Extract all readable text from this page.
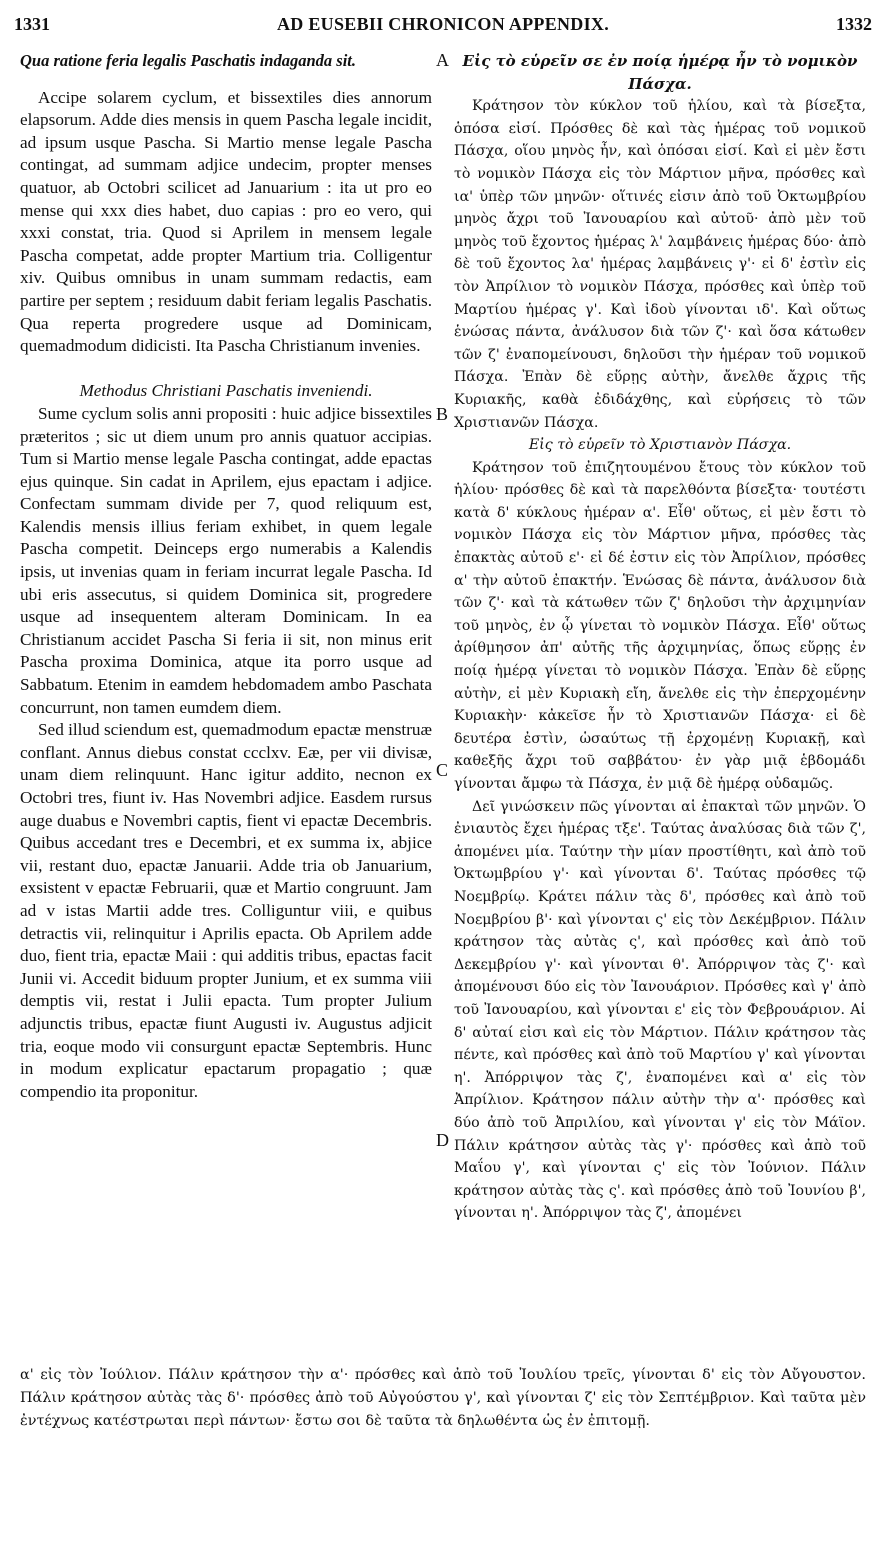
1331	AD EUSEBII CHRONICON APPENDIX.	1332

Qua ratione feria legalis Paschatis indaganda sit.

Accipe solarem cyclum, et bissextiles dies annorum elapsorum. Adde dies mensis in quem Pascha legale incidit, ad ipsum usque Pascha. Si Martio mense legale Pascha contingat, ad summam adjice undecim, propter menses quatuor, ab Octobri scilicet ad Januarium : ita ut pro eo mense qui xxx dies habet, duo capias : pro eo vero, qui xxxi constat, tria. Quod si Aprilem in mensem legale Pascha competat, adde propter Martium tria. Colligentur xiv. Quibus omnibus in unam summam redactis, eam partire per septem ; residuum dabit feriam legalis Paschatis. Qua reperta progredere usque ad Dominicam, quemadmodum didicisti. Ita Pascha Christianum invenies.

Methodus Christiani Paschatis inveniendi.

Sume cyclum solis anni propositi : huic adjice bissextiles præteritos ; sic ut diem unum pro annis quatuor accipias. Tum si Martio mense legale Pascha contingat, adde epactas ejus quinque. Sin cadat in Aprilem, ejus epactam i adjice. Confectam summam divide per 7, quod reliquum est, Kalendis mensis illius feriam exhibet, in quem legale Pascha competit. Deinceps ergo numerabis a Kalendis ipsis, ut invenias quam in feriam incurrat legale Pascha. Id ubi eris assecutus, si quidem Dominica sit, progredere usque ad insequentem alteram Dominicam. In ea Christianum accidet Pascha Si feria ii sit, non minus erit Pascha proxima Dominica, atque ita porro usque ad Sabbatum. Etenim in eamdem hebdomadem ambo Paschata concurrunt, non tamen eumdem diem.

Sed illud sciendum est, quemadmodum epactæ menstruæ conflant. Annus diebus constat ccclxv. Eæ, per vii divisæ, unam diem relinquunt. Hanc igitur addito, necnon ex Octobri tres, fiunt iv. Has Novembri adjice. Easdem rursus auge duabus e Novembri captis, fient vi epactæ Decembris. Quibus accedant tres e Decembri, et ex summa ix, abjice vii, restant duo, epactæ Januarii. Adde tria ob Januarium, exsistent v epactæ Februarii, quæ et Martio congruunt. Jam ad v istas Martii adde tres. Colliguntur viii, e quibus detractis vii, relinquitur i Aprilis epacta. Ob Aprilem adde duo, fient tria, epactæ Maii : qui additis tribus, epactas facit Junii vi. Accedit biduum propter Junium, et ex summa viii demptis vii, restat i Julii epacta. Tum propter Julium adjunctis tribus, epactæ fiunt Augusti iv. Augustus adjicit tria, eoque modo vii consurgunt epactæ Septembris. Hunc in modum explicatur epactarum propagatio ; quæ compendio ita proponitur.

A
B
C
D

Εἰς τὸ εὑρεῖν σε ἐν ποίᾳ ἡμέρᾳ ἦν τὸ νομικὸν Πάσχα.

Κράτησον τὸν κύκλον τοῦ ἡλίου, καὶ τὰ βίσεξτα, ὁπόσα εἰσί. Πρόσθες δὲ καὶ τὰς ἡμέρας τοῦ νομικοῦ Πάσχα, οἵου μηνὸς ἦν, καὶ ὁπόσαι εἰσί. Καὶ εἰ μὲν ἔστι τὸ νομικὸν Πάσχα εἰς τὸν Μάρτιον μῆνα, πρόσθες καὶ ια' ὑπὲρ τῶν μηνῶν· οἵτινές εἰσιν ἀπὸ τοῦ Ὀκτωμβρίου μηνὸς ἄχρι τοῦ Ἰανουαρίου καὶ αὐτοῦ· ἀπὸ μὲν τοῦ μηνὸς τοῦ ἔχοντος ἡμέρας λ' λαμβάνεις ἡμέρας δύο· ἀπὸ δὲ τοῦ ἔχοντος λα' ἡμέρας λαμβάνεις γ'· εἰ δ' ἐστὶν εἰς τὸν Ἀπρίλιον τὸ νομικὸν Πάσχα, πρόσθες καὶ ὑπὲρ τοῦ Μαρτίου ἡμέρας γ'. Καὶ ἰδοὺ γίνονται ιδ'. Καὶ οὕτως ἑνώσας πάντα, ἀνάλυσον διὰ τῶν ζ'· καὶ ὅσα κάτωθεν τῶν ζ' ἐναπομείνουσι, δηλοῦσι τὴν ἡμέραν τοῦ νομικοῦ Πάσχα. Ἐπὰν δὲ εὕρῃς αὐτὴν, ἄνελθε ἄχρις τῆς Κυριακῆς, καθὰ ἐδιδάχθης, καὶ εὑρήσεις τὸ τῶν Χριστιανῶν Πάσχα.

Εἰς τὸ εὑρεῖν τὸ Χριστιανὸν Πάσχα.

Κράτησον τοῦ ἐπιζητουμένου ἔτους τὸν κύκλον τοῦ ἡλίου· πρόσθες δὲ καὶ τὰ παρελθόντα βίσεξτα· τουτέστι κατὰ δ' κύκλους ἡμέραν α'. Εἶθ' οὕτως, εἰ μὲν ἔστι τὸ νομικὸν Πάσχα εἰς τὸν Μάρτιον μῆνα, πρόσθες τὰς ἐπακτὰς αὐτοῦ ε'· εἰ δέ ἐστιν εἰς τὸν Ἀπρίλιον, πρόσθες α' τὴν αὐτοῦ ἐπακτήν. Ἑνώσας δὲ πάντα, ἀνάλυσον διὰ τῶν ζ'· καὶ τὰ κάτωθεν τῶν ζ' δηλοῦσι τὴν ἀρχιμηνίαν τοῦ μηνὸς, ἐν ᾧ γίνεται τὸ νομικὸν Πάσχα. Εἶθ' οὕτως ἀρίθμησον ἀπ' αὐτῆς τῆς ἀρχιμηνίας, ὅπως εὕρῃς ἐν ποίᾳ ἡμέρᾳ γίνεται τὸ νομικὸν Πάσχα. Ἐπὰν δὲ εὕρῃς αὐτὴν, εἰ μὲν Κυριακὴ εἴη, ἄνελθε εἰς τὴν ἐπερχομένην Κυριακὴν· κἀκεῖσε ἦν τὸ Χριστιανῶν Πάσχα· εἰ δὲ δευτέρα ἐστὶν, ὡσαύτως τῇ ἐρχομένῃ Κυριακῇ, καὶ καθεξῆς ἄχρι τοῦ σαββάτου· ἐν γὰρ μιᾷ ἑβδομάδι γίνονται ἄμφω τὰ Πάσχα, ἐν μιᾷ δὲ ἡμέρᾳ οὐδαμῶς.

Δεῖ γινώσκειν πῶς γίνονται αἱ ἐπακταὶ τῶν μηνῶν. Ὁ ἐνιαυτὸς ἔχει ἡμέρας τξε'. Ταύτας ἀναλύσας διὰ τῶν ζ', ἀπομένει μία. Ταύτην τὴν μίαν προστίθητι, καὶ ἀπὸ τοῦ Ὀκτωμβρίου γ'· καὶ γίνονται δ'. Ταύτας πρόσθες τῷ Νοεμβρίῳ. Κράτει πάλιν τὰς δ', πρόσθες καὶ ἀπὸ τοῦ Νοεμβρίου β'· καὶ γίνονται ς' εἰς τὸν Δεκέμβριον. Πάλιν κράτησον τὰς αὐτὰς ς', καὶ πρόσθες καὶ ἀπὸ τοῦ Δεκεμβρίου γ'· καὶ γίνονται θ'. Ἀπόρριψον τὰς ζ'· καὶ ἀπομένουσι δύο εἰς τὸν Ἰανουάριον. Πρόσθες καὶ γ' ἀπὸ τοῦ Ἰανουαρίου, καὶ γίνονται ε' εἰς τὸν Φεβρουάριον. Αἱ δ' αὐταί εἰσι καὶ εἰς τὸν Μάρτιον. Πάλιν κράτησον τὰς πέντε, καὶ πρόσθες καὶ ἀπὸ τοῦ Μαρτίου γ' καὶ γίνονται η'. Ἀπόρριψον τὰς ζ', ἐναπομένει καὶ α' εἰς τὸν Ἀπρίλιον. Κράτησον πάλιν αὐτὴν τὴν α'· πρόσθες καὶ δύο ἀπὸ τοῦ Ἀπριλίου, καὶ γίνονται γ' εἰς τὸν Μάϊον. Πάλιν κράτησον αὐτὰς τὰς γ'· πρόσθες καὶ ἀπὸ τοῦ Μαΐου γ', καὶ γίνονται ς' εἰς τὸν Ἰούνιον. Πάλιν κράτησον αὐτὰς τὰς ς'. καὶ πρόσθες ἀπὸ τοῦ Ἰουνίου β', γίνονται η'. Ἀπόρριψον τὰς ζ', ἀπομένει

α' εἰς τὸν Ἰούλιον. Πάλιν κράτησον τὴν α'· πρόσθες καὶ ἀπὸ τοῦ Ἰουλίου τρεῖς, γίνονται δ' εἰς τὸν Αὔγουστον. Πάλιν κράτησον αὐτὰς τὰς δ'· πρόσθες ἀπὸ τοῦ Αὐγούστου γ', καὶ γίνονται ζ' εἰς τὸν Σεπτέμβριον. Καὶ ταῦτα μὲν ἐντέχνως κατέστρωται περὶ πάντων· ἔστω σοι δὲ ταῦτα τὰ δηλωθέντα ὡς ἐν ἐπιτομῇ.
